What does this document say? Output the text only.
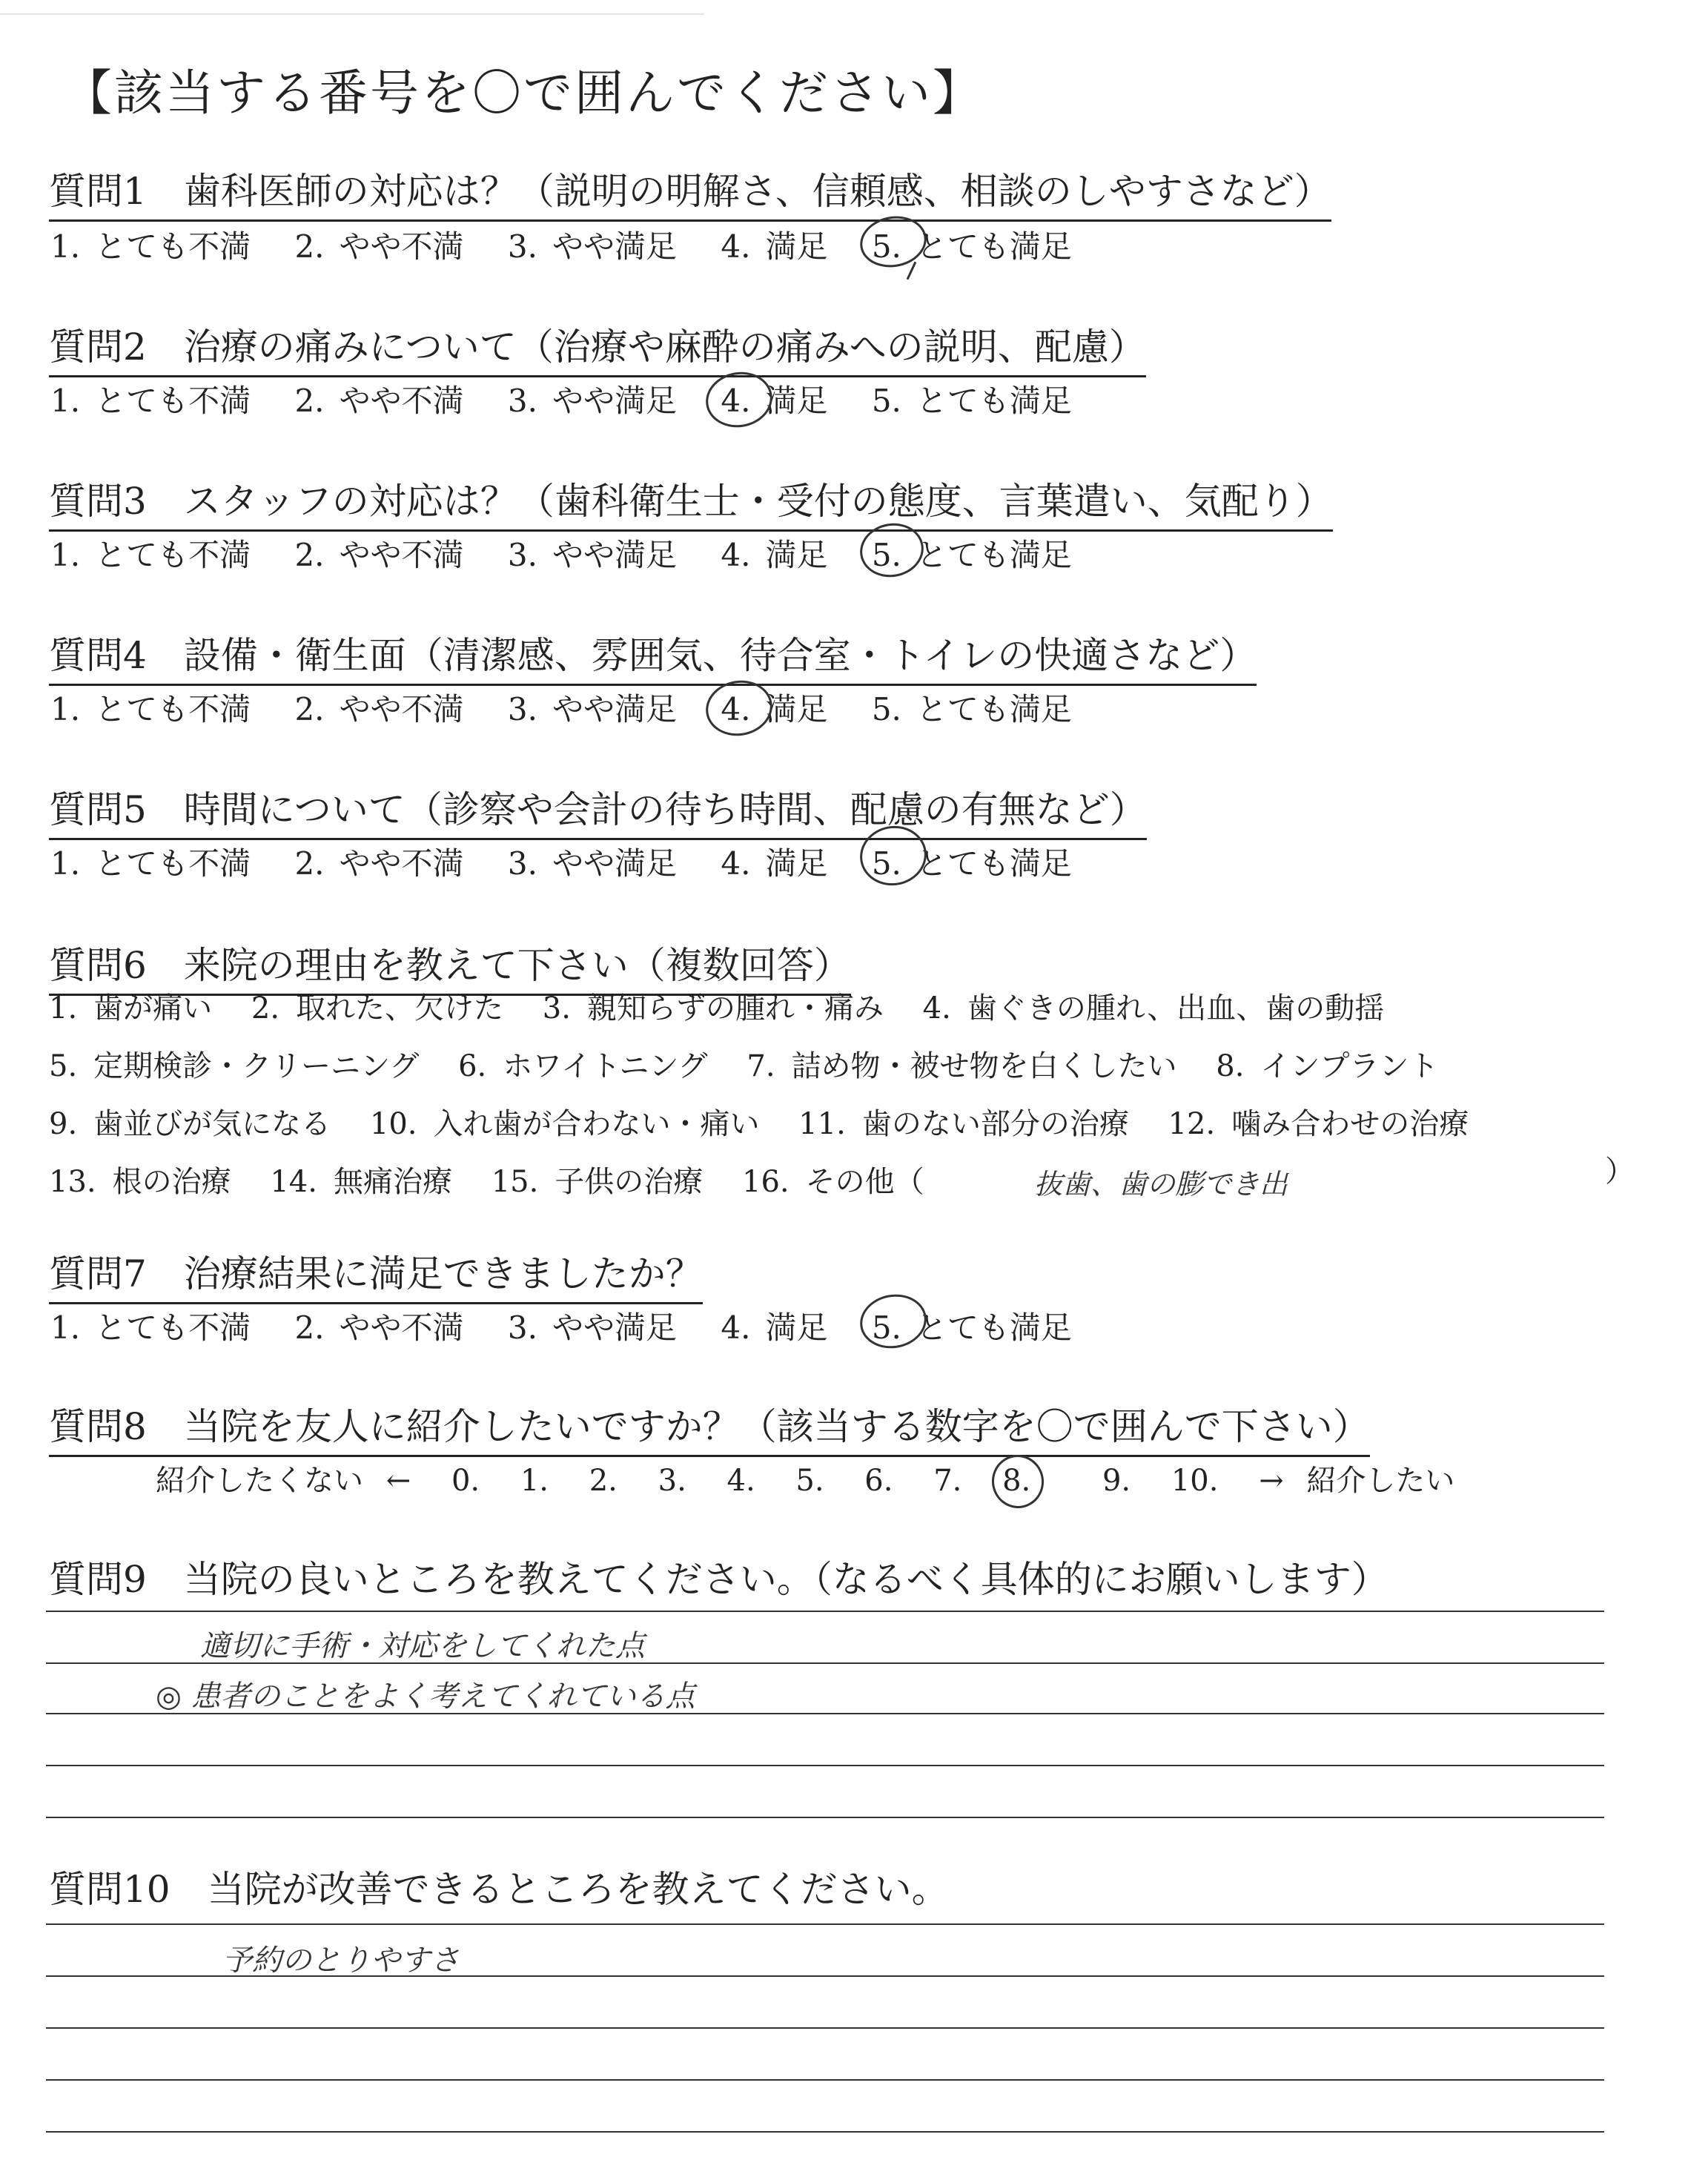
【該当する番号を〇で囲んでください】
質問1　歯科医師の対応は？（説明の明解さ、信頼感、相談のしやすさなど）
1. とても不満 2. やや不満 3. やや満足 4. 満足 5. とても満足
質問2　治療の痛みについて（治療や麻酔の痛みへの説明、配慮）
1. とても不満 2. やや不満 3. やや満足 4. 満足 5. とても満足
質問3　スタッフの対応は？（歯科衛生士・受付の態度、言葉遣い、気配り）
1. とても不満 2. やや不満 3. やや満足 4. 満足 5. とても満足
質問4　設備・衛生面（清潔感、雰囲気、待合室・トイレの快適さなど）
1. とても不満 2. やや不満 3. やや満足 4. 満足 5. とても満足
質問5　時間について（診察や会計の待ち時間、配慮の有無など）
1. とても不満 2. やや不満 3. やや満足 4. 満足 5. とても満足
質問6　来院の理由を教えて下さい（複数回答）
1. 歯が痛い 2. 取れた、欠けた 3. 親知らずの腫れ・痛み 4. 歯ぐきの腫れ、出血、歯の動揺
5. 定期検診・クリーニング 6. ホワイトニング 7. 詰め物・被せ物を白くしたい 8. インプラント
9. 歯並びが気になる 10. 入れ歯が合わない・痛い 11. 歯のない部分の治療 12. 噛み合わせの治療
13. 根の治療 14. 無痛治療 15. 子供の治療 16. その他（	抜歯、歯の膨でき出	）
質問7　治療結果に満足できましたか？
1. とても不満 2. やや不満 3. やや満足 4. 満足 5. とても満足
質問8　当院を友人に紹介したいですか？（該当する数字を〇で囲んで下さい）
紹介したくない ← 0. 1. 2. 3. 4. 5. 6. 7. 8. 9. 10. → 紹介したい
質問9　当院の良いところを教えてください。（なるべく具体的にお願いします）
適切に手術・対応をしてくれた点
◎ 患者のことをよく考えてくれている点
質問10　当院が改善できるところを教えてください。
予約のとりやすさ
